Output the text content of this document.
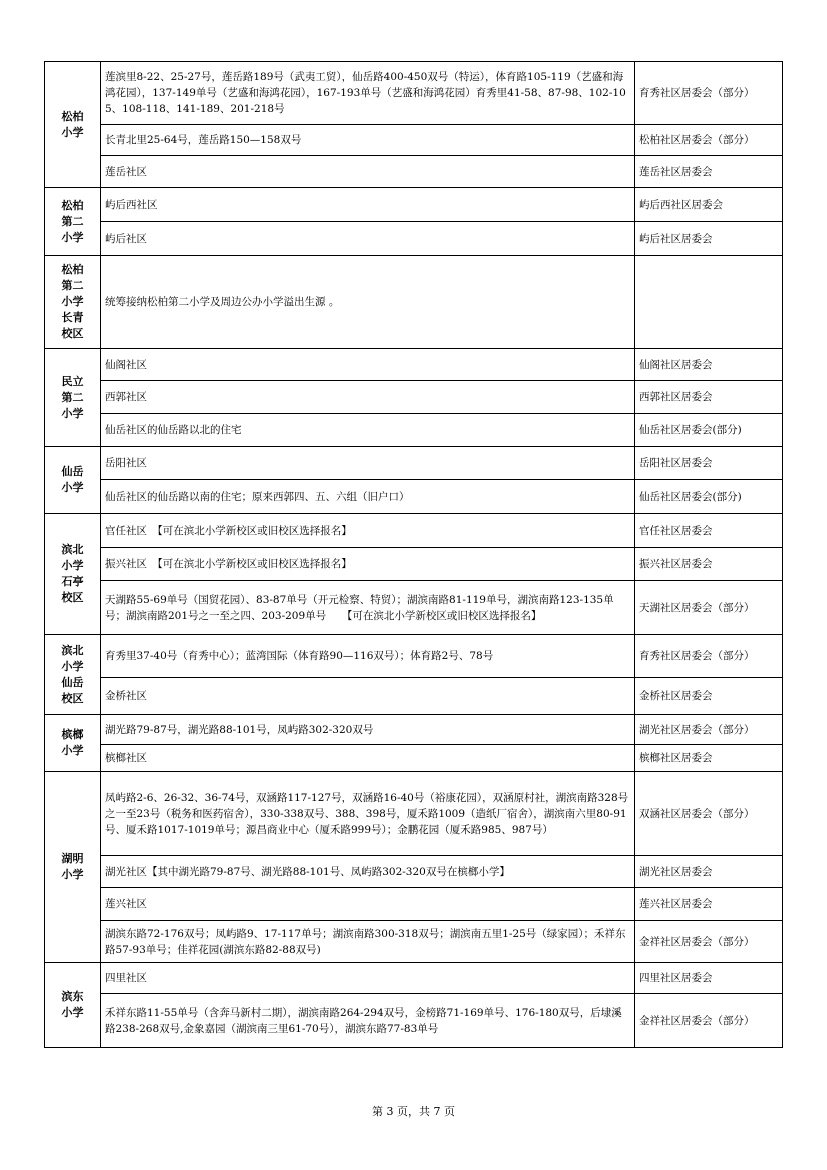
松柏
小学	莲滨里8-22、25-27号，莲岳路189号（武夷工贸），仙岳路400-450双号（特运），体育路105-119（艺盛和海鸿花园），137-149单号（艺盛和海鸿花园），167-193单号（艺盛和海鸿花园）育秀里41-58、87-98、102-105、108-118、141-189、201-218号	育秀社区居委会（部分）
	长青北里25-64号，莲岳路150—158双号	松柏社区居委会（部分）
	莲岳社区	莲岳社区居委会
松柏
第二
小学	屿后西社区	屿后西社区居委会
	屿后社区	屿后社区居委会
松柏
第二
小学
长青
校区	统筹接纳松柏第二小学及周边公办小学溢出生源 。	
民立
第二
小学	仙阁社区	仙阁社区居委会
	西郭社区	西郭社区居委会
	仙岳社区的仙岳路以北的住宅	仙岳社区居委会(部分)
仙岳
小学	岳阳社区	岳阳社区居委会
	仙岳社区的仙岳路以南的住宅；原来西郭四、五、六组（旧户口）	仙岳社区居委会(部分)
滨北
小学
石亭
校区	官任社区　【可在滨北小学新校区或旧校区选择报名】	官任社区居委会
	振兴社区　【可在滨北小学新校区或旧校区选择报名】	振兴社区居委会
	天湖路55-69单号（国贸花园）、83-87单号（开元检察、特贸）；湖滨南路81-119单号，湖滨南路123-135单号；湖滨南路201号之一至之四、203-209单号　　【可在滨北小学新校区或旧校区选择报名】	天湖社区居委会（部分）
滨北
小学
仙岳
校区	育秀里37-40号（育秀中心）；蓝湾国际（体育路90—116双号）；体育路2号、78号	育秀社区居委会（部分）
	金桥社区	金桥社区居委会
槟榔
小学	湖光路79-87号，湖光路88-101号，凤屿路302-320双号	湖光社区居委会（部分）
	槟榔社区	槟榔社区居委会
湖明
小学	凤屿路2-6、26-32、36-74号，双涵路117-127号，双涵路16-40号（裕康花园），双涵原村社，湖滨南路328号之一至23号（税务和医药宿舍），330-338双号、388、398号，厦禾路1009（造纸厂宿舍），湖滨南六里80-91号、厦禾路1017-1019单号；源昌商业中心（厦禾路999号）；金鹏花园（厦禾路985、987号）	双涵社区居委会（部分）
	湖光社区【其中湖光路79-87号、湖光路88-101号、凤屿路302-320双号在槟榔小学】	湖光社区居委会
	莲兴社区	莲兴社区居委会
	湖滨东路72-176双号；凤屿路9、17-117单号；湖滨南路300-318双号；湖滨南五里1-25号（绿家园）；禾祥东路57-93单号；佳祥花园(湖滨东路82-88双号)	金祥社区居委会（部分）
滨东
小学	四里社区	四里社区居委会
	禾祥东路11-55单号（含奔马新村二期），湖滨南路264-294双号，金榜路71-169单号、176-180双号，后埭溪路238-268双号,金象嘉园（湖滨南三里61-70号），湖滨东路77-83单号	金祥社区居委会（部分）
第 3 页，共 7 页
